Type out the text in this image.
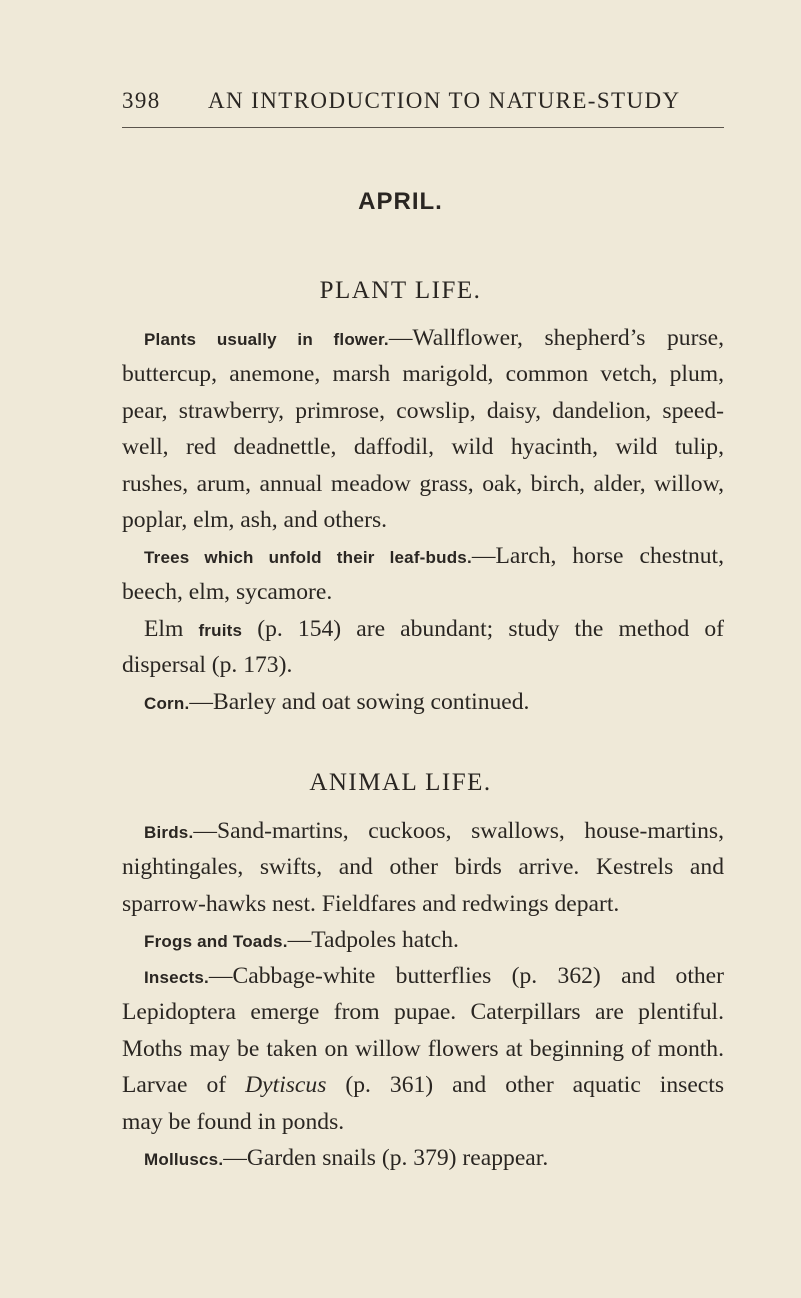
398 AN INTRODUCTION TO NATURE-STUDY
APRIL.
PLANT LIFE.
Plants usually in flower.—Wallflower, shepherd’s purse,
buttercup, anemone, marsh marigold, common vetch, plum,
pear, strawberry, primrose, cowslip, daisy, dandelion, speed-
well, red deadnettle, daffodil, wild hyacinth, wild tulip,
rushes, arum, annual meadow grass, oak, birch, alder, willow,
poplar, elm, ash, and others.
Trees which unfold their leaf-buds.—Larch, horse chestnut,
beech, elm, sycamore.
Elm fruits (p. 154) are abundant; study the method of
dispersal (p. 173).
Corn.—Barley and oat sowing continued.
ANIMAL LIFE.
Birds.—Sand-martins, cuckoos, swallows, house-martins,
nightingales, swifts, and other birds arrive. Kestrels and
sparrow-hawks nest. Fieldfares and redwings depart.
Frogs and Toads.—Tadpoles hatch.
Insects.—Cabbage-white butterflies (p. 362) and other
Lepidoptera emerge from pupae. Caterpillars are plentiful.
Moths may be taken on willow flowers at beginning of month.
Larvae of Dytiscus (p. 361) and other aquatic insects
may be found in ponds.
Molluscs.—Garden snails (p. 379) reappear.
